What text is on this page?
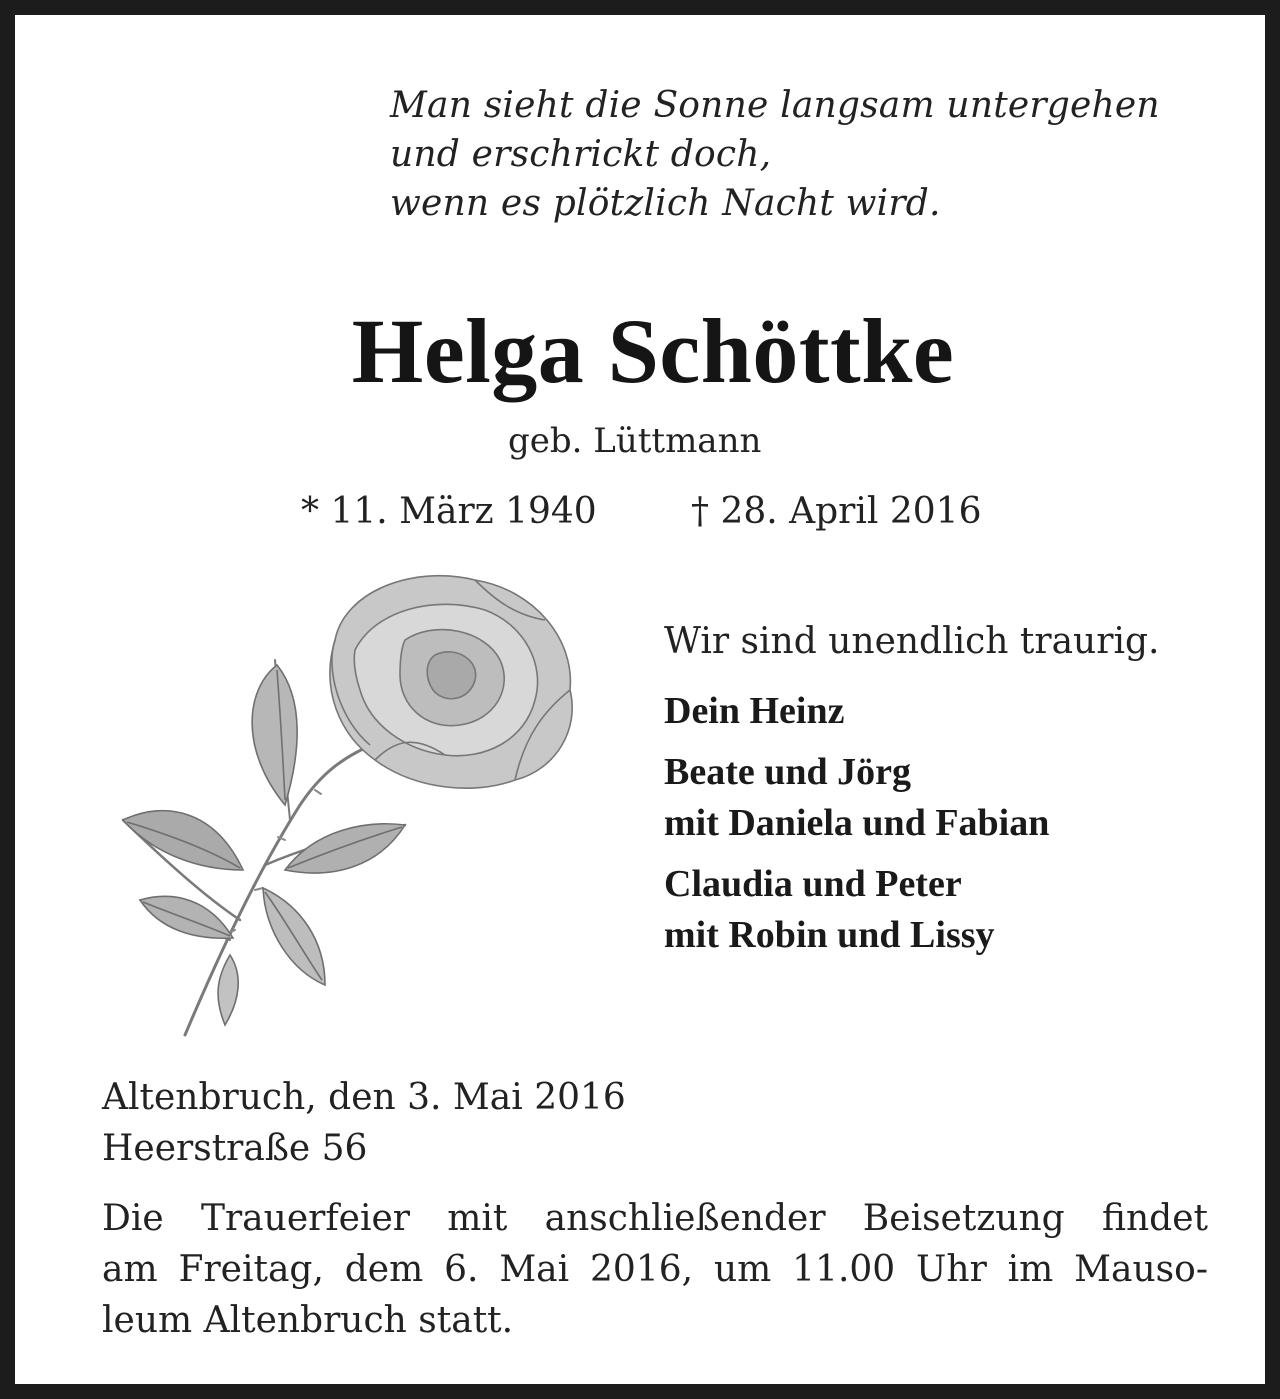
Man sieht die Sonne langsam untergehen
und erschrickt doch,
wenn es plötzlich Nacht wird.
Helga Schöttke
geb. Lüttmann
* 11. März 1940	† 28. April 2016
Wir sind unendlich traurig.
Dein Heinz
Beate und Jörg
mit Daniela und Fabian
Claudia und Peter
mit Robin und Lissy
Altenbruch, den 3. Mai 2016
Heerstraße 56
Die Trauerfeier mit anschließender Beisetzung findet
am Freitag, dem 6. Mai 2016, um 11.00 Uhr im Mauso-
leum Altenbruch statt.
